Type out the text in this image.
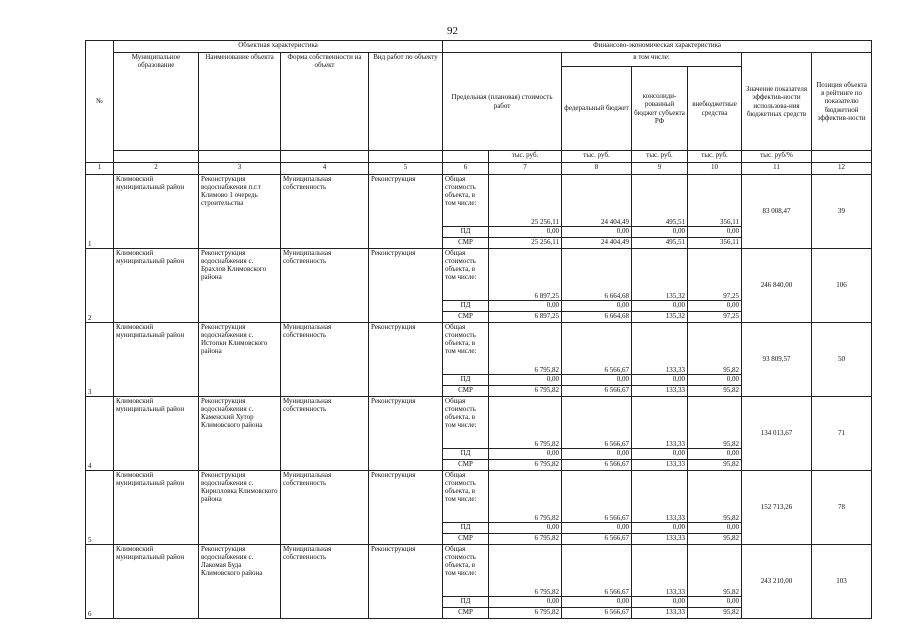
92
№	Объектная характеристика				Финансово-экономическая характеристика						
	Муниципальное образование	Наименование объекта	Форма собственности на объект	Вид работ по объекту	Предельная (плановая) стоимость работ		в том числе:			Значение показателя эффектив-ности использова-ния бюджетных средств	Позиция объекта в рейтинге по показателю бюджетной эффектив-ности
							федеральный бюджет	консолиди-рованный бюджет субъекта РФ	внебюджетные средства		
						тыс. руб.	тыс. руб.	тыс. руб.	тыс. руб.	тыс. руб/%	
1	2	3	4	5	6	7	8	9	10	11	12
1	Климовский муниципальный район	Реконструкция водоснабжения п.г.т Климово 1 очередь строительства	Муниципальная собственность	Реконструкция	Общая стоимость объекта, в том числе:	25 256,11	24 404,49	495,51	356,11	83 008,47	39
					ПД	0,00	0,00	0,00	0,00		
					СМР	25 256,11	24 404,49	495,51	356,11		
2	Климовский муниципальный район	Реконструкция водоснабжения с. Брахлов Климовского района	Муниципальная собственность	Реконструкция	Общая стоимость объекта, в том числе:	6 897,25	6 664,68	135,32	97,25	246 840,00	106
					ПД	0,00	0,00	0,00	0,00		
					СМР	6 897,25	6 664,68	135,32	97,25		
3	Климовский муниципальный район	Реконструкция водоснабжения с. Истопки Климовского района	Муниципальная собственность	Реконструкция	Общая стоимость объекта, в том числе:	6 795,82	6 566,67	133,33	95,82	93 809,57	50
					ПД	0,00	0,00	0,00	0,00		
					СМР	6 795,82	6 566,67	133,33	95,82		
4	Климовский муниципальный район	Реконструкция водоснабжения с. Каменский Хутор Климовского района	Муниципальная собственность	Реконструкция	Общая стоимость объекта, в том числе:	6 795,82	6 566,67	133,33	95,82	134 013,67	71
					ПД	0,00	0,00	0,00	0,00		
					СМР	6 795,82	6 566,67	133,33	95,82		
5	Климовский муниципальный район	Реконструкция водоснабжения с. Кирилловка Климовского района	Муниципальная собственность	Реконструкция	Общая стоимость объекта, в том числе:	6 795,82	6 566,67	133,33	95,82	152 713,26	78
					ПД	0,00	0,00	0,00	0,00		
					СМР	6 795,82	6 566,67	133,33	95,82		
6	Климовский муниципальный район	Реконструкция водоснабжения с. Лакомая Буда Климовского района	Муниципальная собственность	Реконструкция	Общая стоимость объекта, в том числе:	6 795,82	6 566,67	133,33	95,82	243 210,00	103
					ПД	0,00	0,00	0,00	0,00		
					СМР	6 795,82	6 566,67	133,33	95,82		
